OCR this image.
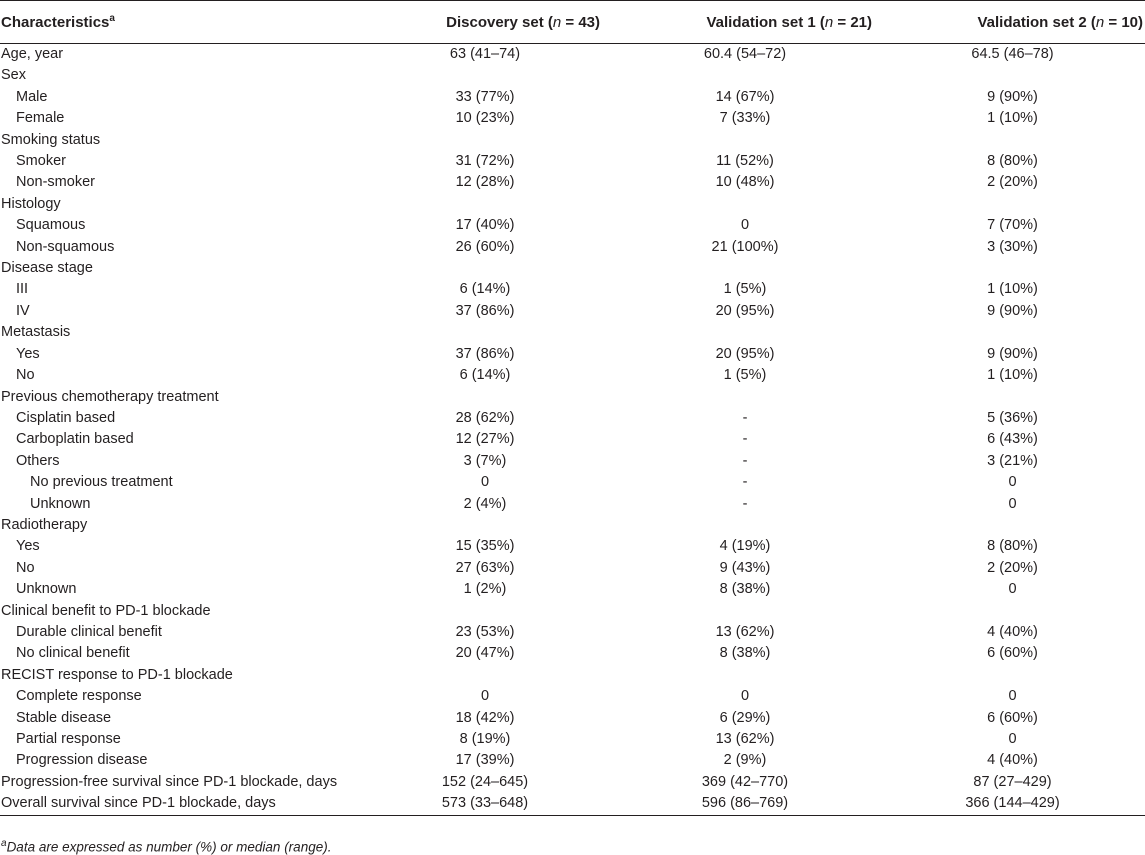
Characteristics$^a$	Discovery set (n = 43)	Validation set 1 (n = 21)	Validation set 2 (n = 10)
Age, year	63 (41–74)	60.4 (54–72)	64.5 (46–78)
Sex			
Male	33 (77%)	14 (67%)	9 (90%)
Female	10 (23%)	7 (33%)	1 (10%)
Smoking status			
Smoker	31 (72%)	11 (52%)	8 (80%)
Non-smoker	12 (28%)	10 (48%)	2 (20%)
Histology			
Squamous	17 (40%)	0	7 (70%)
Non-squamous	26 (60%)	21 (100%)	3 (30%)
Disease stage			
III	6 (14%)	1 (5%)	1 (10%)
IV	37 (86%)	20 (95%)	9 (90%)
Metastasis			
Yes	37 (86%)	20 (95%)	9 (90%)
No	6 (14%)	1 (5%)	1 (10%)
Previous chemotherapy treatment			
Cisplatin based	28 (62%)	-	5 (36%)
Carboplatin based	12 (27%)	-	6 (43%)
Others	3 (7%)	-	3 (21%)
No previous treatment	0	-	0
Unknown	2 (4%)	-	0
Radiotherapy			
Yes	15 (35%)	4 (19%)	8 (80%)
No	27 (63%)	9 (43%)	2 (20%)
Unknown	1 (2%)	8 (38%)	0
Clinical benefit to PD-1 blockade			
Durable clinical benefit	23 (53%)	13 (62%)	4 (40%)
No clinical benefit	20 (47%)	8 (38%)	6 (60%)
RECIST response to PD-1 blockade			
Complete response	0	0	0
Stable disease	18 (42%)	6 (29%)	6 (60%)
Partial response	8 (19%)	13 (62%)	0
Progression disease	17 (39%)	2 (9%)	4 (40%)
Progression-free survival since PD-1 blockade, days	152 (24–645)	369 (42–770)	87 (27–429)
Overall survival since PD-1 blockade, days	573 (33–648)	596 (86–769)	366 (144–429)
$^a$Data are expressed as number (%) or median (range).
